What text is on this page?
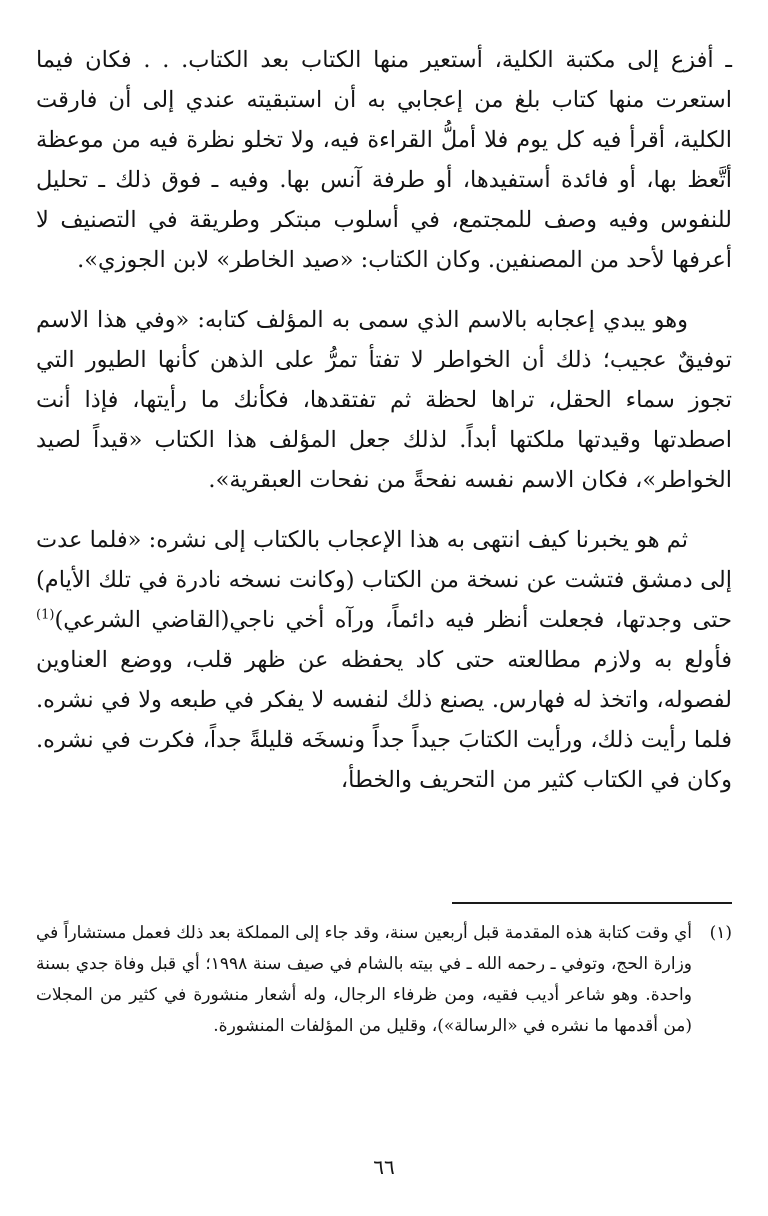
ـ أفزع إلى مكتبة الكلية، أستعير منها الكتاب بعد الكتاب. . . فكان فيما استعرت منها كتاب بلغ من إعجابي به أن استبقيته عندي إلى أن فارقت الكلية، أقرأ فيه كل يوم فلا أملُّ القراءة فيه، ولا تخلو نظرة فيه من موعظة أتَّعظ بها، أو فائدة أستفيدها، أو طرفة آنس بها. وفيه ـ فوق ذلك ـ تحليل للنفوس وفيه وصف للمجتمع، في أسلوب مبتكر وطريقة في التصنيف لا أعرفها لأحد من المصنفين. وكان الكتاب: «صيد الخاطر» لابن الجوزي».

وهو يبدي إعجابه بالاسم الذي سمى به المؤلف كتابه: «وفي هذا الاسم توفيقٌ عجيب؛ ذلك أن الخواطر لا تفتأ تمرُّ على الذهن كأنها الطيور التي تجوز سماء الحقل، تراها لحظة ثم تفتقدها، فكأنك ما رأيتها، فإذا أنت اصطدتها وقيدتها ملكتها أبداً. لذلك جعل المؤلف هذا الكتاب «قيداً لصيد الخواطر»، فكان الاسم نفسه نفحةً من نفحات العبقرية».

ثم هو يخبرنا كيف انتهى به هذا الإعجاب بالكتاب إلى نشره: «فلما عدت إلى دمشق فتشت عن نسخة من الكتاب (وكانت نسخه نادرة في تلك الأيام) حتى وجدتها، فجعلت أنظر فيه دائماً، ورآه أخي ناجي(القاضي الشرعي)$^{(1)}$ فأولع به ولازم مطالعته حتى كاد يحفظه عن ظهر قلب، ووضع العناوين لفصوله، واتخذ له فهارس. يصنع ذلك لنفسه لا يفكر في طبعه ولا في نشره. فلما رأيت ذلك، ورأيت الكتابَ جيداً جداً ونسخَه قليلةً جداً، فكرت في نشره. وكان في الكتاب كثير من التحريف والخطأ،

(١)
أي وقت كتابة هذه المقدمة قبل أربعين سنة، وقد جاء إلى المملكة بعد ذلك فعمل مستشاراً في وزارة الحج، وتوفي ـ رحمه الله ـ في بيته بالشام في صيف سنة ١٩٩٨؛ أي قبل وفاة جدي بسنة واحدة. وهو شاعر أديب فقيه، ومن ظرفاء الرجال، وله أشعار منشورة في كثير من المجلات (من أقدمها ما نشره في «الرسالة»)، وقليل من المؤلفات المنشورة.
٦٦
